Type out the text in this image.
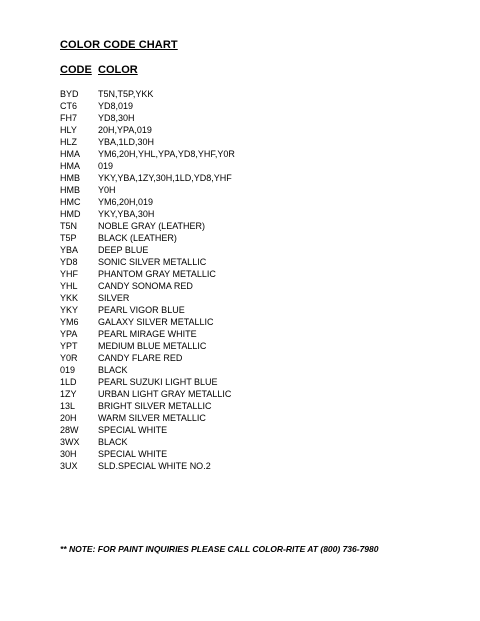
COLOR CODE CHART
CODE COLOR
BYD T5N,T5P,YKK
CT6 YD8,019
FH7 YD8,30H
HLY 20H,YPA,019
HLZ YBA,1LD,30H
HMA YM6,20H,YHL,YPA,YD8,YHF,Y0R
HMA 019
HMB YKY,YBA,1ZY,30H,1LD,YD8,YHF
HMB Y0H
HMC YM6,20H,019
HMD YKY,YBA,30H
T5N NOBLE GRAY (LEATHER)
T5P BLACK (LEATHER)
YBA DEEP BLUE
YD8 SONIC SILVER METALLIC
YHF PHANTOM GRAY METALLIC
YHL CANDY SONOMA RED
YKK SILVER
YKY PEARL VIGOR BLUE
YM6 GALAXY SILVER METALLIC
YPA PEARL MIRAGE WHITE
YPT MEDIUM BLUE METALLIC
Y0R CANDY FLARE RED
019	BLACK
1LD PEARL SUZUKI LIGHT BLUE
1ZY URBAN LIGHT GRAY METALLIC
13L	BRIGHT SILVER METALLIC
20H WARM SILVER METALLIC
28W SPECIAL WHITE
3WX BLACK
30H SPECIAL WHITE
3UX SLD.SPECIAL WHITE NO.2
** NOTE: FOR PAINT INQUIRIES PLEASE CALL COLOR-RITE AT (800) 736-7980
